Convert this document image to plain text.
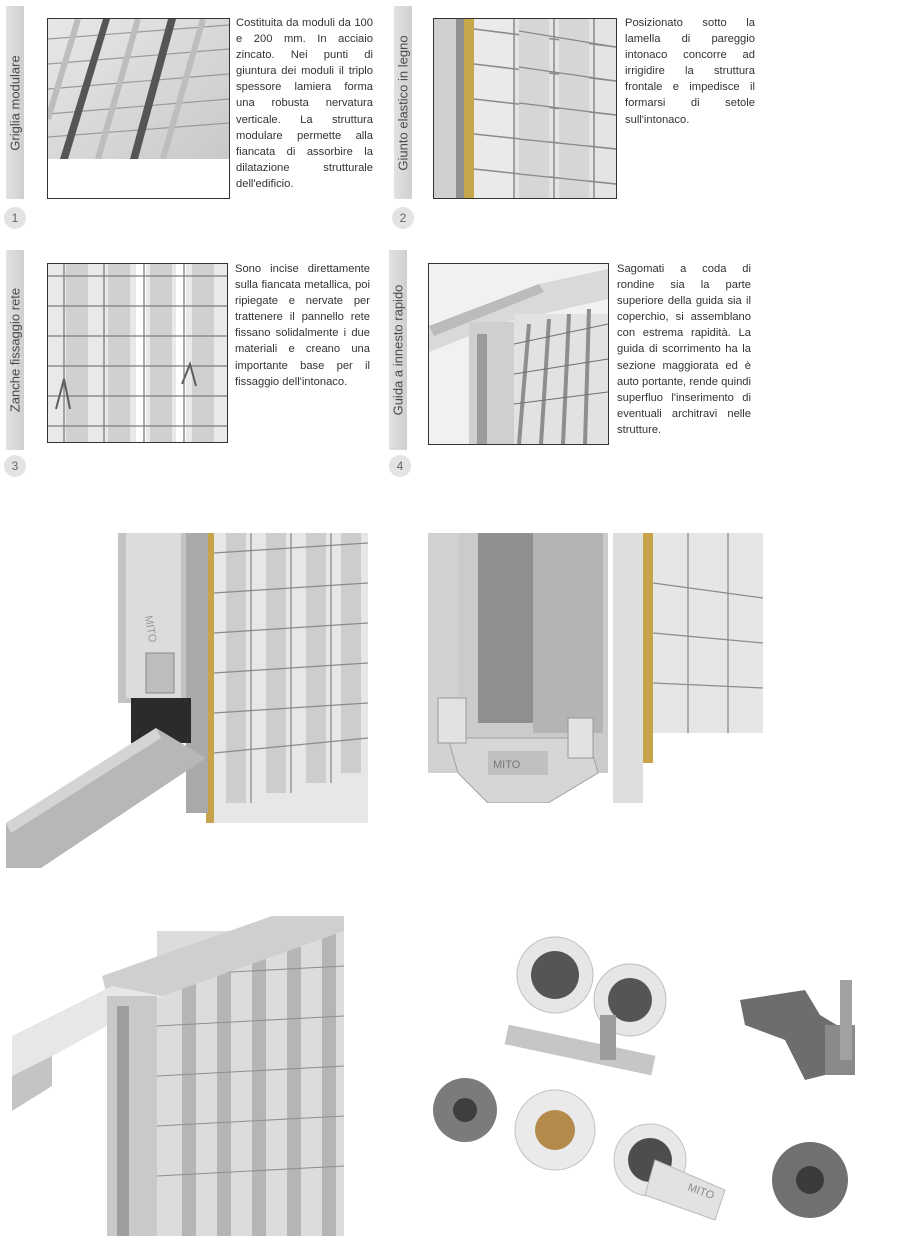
Griglia modulare
1
Costituita da moduli da 100 e 200 mm. In acciaio zincato. Nei punti di giuntura dei moduli il triplo spessore lamiera forma una robusta nervatura verticale. La struttura modulare permette alla fiancata di assorbire la dilatazione strutturale dell'edificio.
Giunto elastico in legno
2
Posizionato sotto la lamella di pareggio intonaco concorre ad irrigidire la struttura frontale e impedisce il formarsi di setole sull'intonaco.
Zanche fissaggio rete
3
Sono incise direttamente sulla fiancata metallica, poi ripiegate e nervate per trattenere il pannello rete fissano solidalmente i due materiali e creano una importante base per il fissaggio dell'intonaco.	Guida a innesto rapido
4
Sagomati a coda di rondine sia la parte superiore della guida sia il coperchio, si assemblano con estrema rapidità. La guida di scorrimento ha la sezione maggiorata ed è auto portante, rende quindi superfluo l'inserimento di eventuali architravi nelle strutture.
MITO
MITO
MITO
